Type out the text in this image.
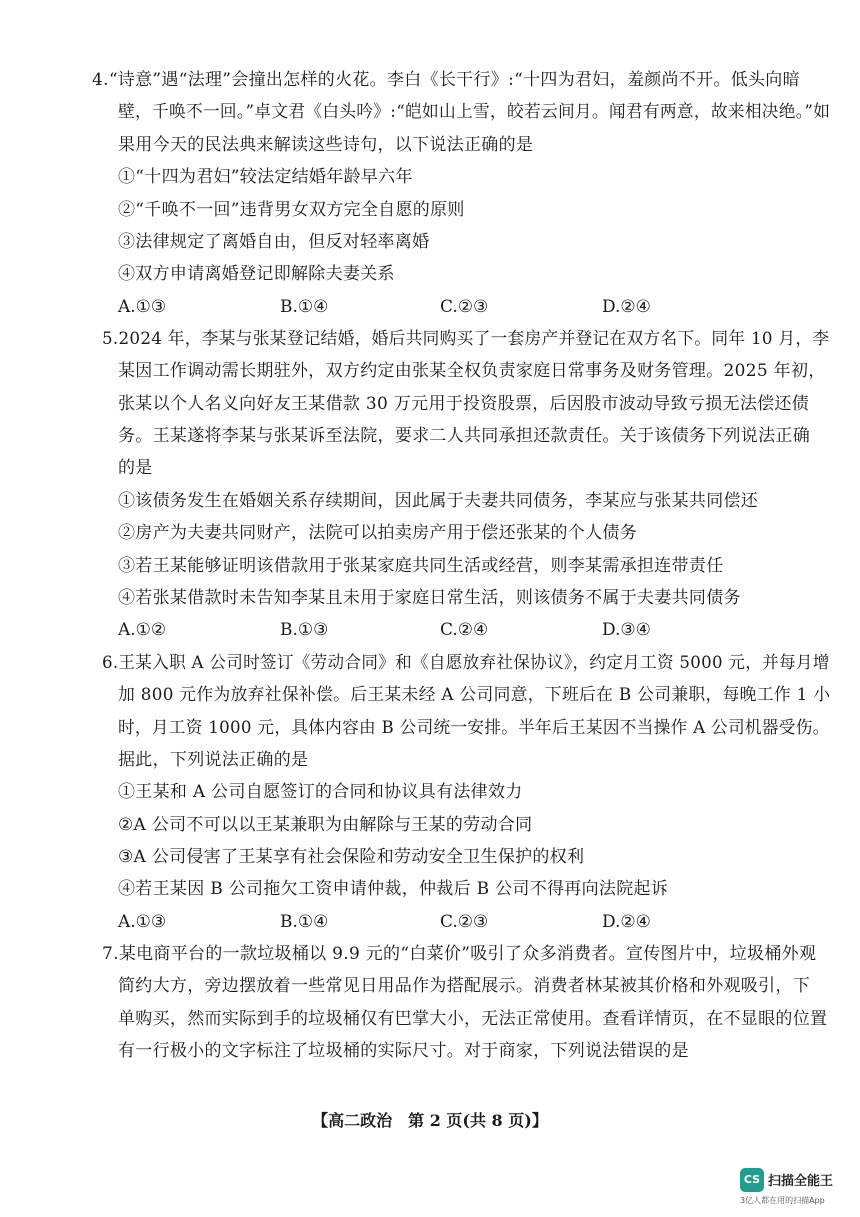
4.“诗意”遇“法理”会撞出怎样的火花。李白《长干行》:“十四为君妇，羞颜尚不开。低头向暗
壁，千唤不一回。”卓文君《白头吟》:“皑如山上雪，皎若云间月。闻君有两意，故来相决绝。”如
果用今天的民法典来解读这些诗句，以下说法正确的是
①“十四为君妇”较法定结婚年龄早六年
②“千唤不一回”违背男女双方完全自愿的原则
③法律规定了离婚自由，但反对轻率离婚
④双方申请离婚登记即解除夫妻关系
A.①③	B.①④	C.②③	D.②④
5.2024 年，李某与张某登记结婚，婚后共同购买了一套房产并登记在双方名下。同年 10 月，李
某因工作调动需长期驻外，双方约定由张某全权负责家庭日常事务及财务管理。2025 年初，
张某以个人名义向好友王某借款 30 万元用于投资股票，后因股市波动导致亏损无法偿还债
务。王某遂将李某与张某诉至法院，要求二人共同承担还款责任。关于该债务下列说法正确
的是
①该债务发生在婚姻关系存续期间，因此属于夫妻共同债务，李某应与张某共同偿还
②房产为夫妻共同财产，法院可以拍卖房产用于偿还张某的个人债务
③若王某能够证明该借款用于张某家庭共同生活或经营，则李某需承担连带责任
④若张某借款时未告知李某且未用于家庭日常生活，则该债务不属于夫妻共同债务
A.①②	B.①③	C.②④	D.③④
6.王某入职 A 公司时签订《劳动合同》和《自愿放弃社保协议》，约定月工资 5000 元，并每月增
加 800 元作为放弃社保补偿。后王某未经 A 公司同意，下班后在 B 公司兼职，每晚工作 1 小
时，月工资 1000 元，具体内容由 B 公司统一安排。半年后王某因不当操作 A 公司机器受伤。
据此，下列说法正确的是
①王某和 A 公司自愿签订的合同和协议具有法律效力
②A 公司不可以以王某兼职为由解除与王某的劳动合同
③A 公司侵害了王某享有社会保险和劳动安全卫生保护的权利
④若王某因 B 公司拖欠工资申请仲裁，仲裁后 B 公司不得再向法院起诉
A.①③	B.①④	C.②③	D.②④
7.某电商平台的一款垃圾桶以 9.9 元的“白菜价”吸引了众多消费者。宣传图片中，垃圾桶外观
简约大方，旁边摆放着一些常见日用品作为搭配展示。消费者林某被其价格和外观吸引，下
单购买，然而实际到手的垃圾桶仅有巴掌大小，无法正常使用。查看详情页，在不显眼的位置
有一行极小的文字标注了垃圾桶的实际尺寸。对于商家，下列说法错误的是
【高二政治　第 2 页(共 8 页)】
CS 扫描全能王
3亿人都在用的扫描App
